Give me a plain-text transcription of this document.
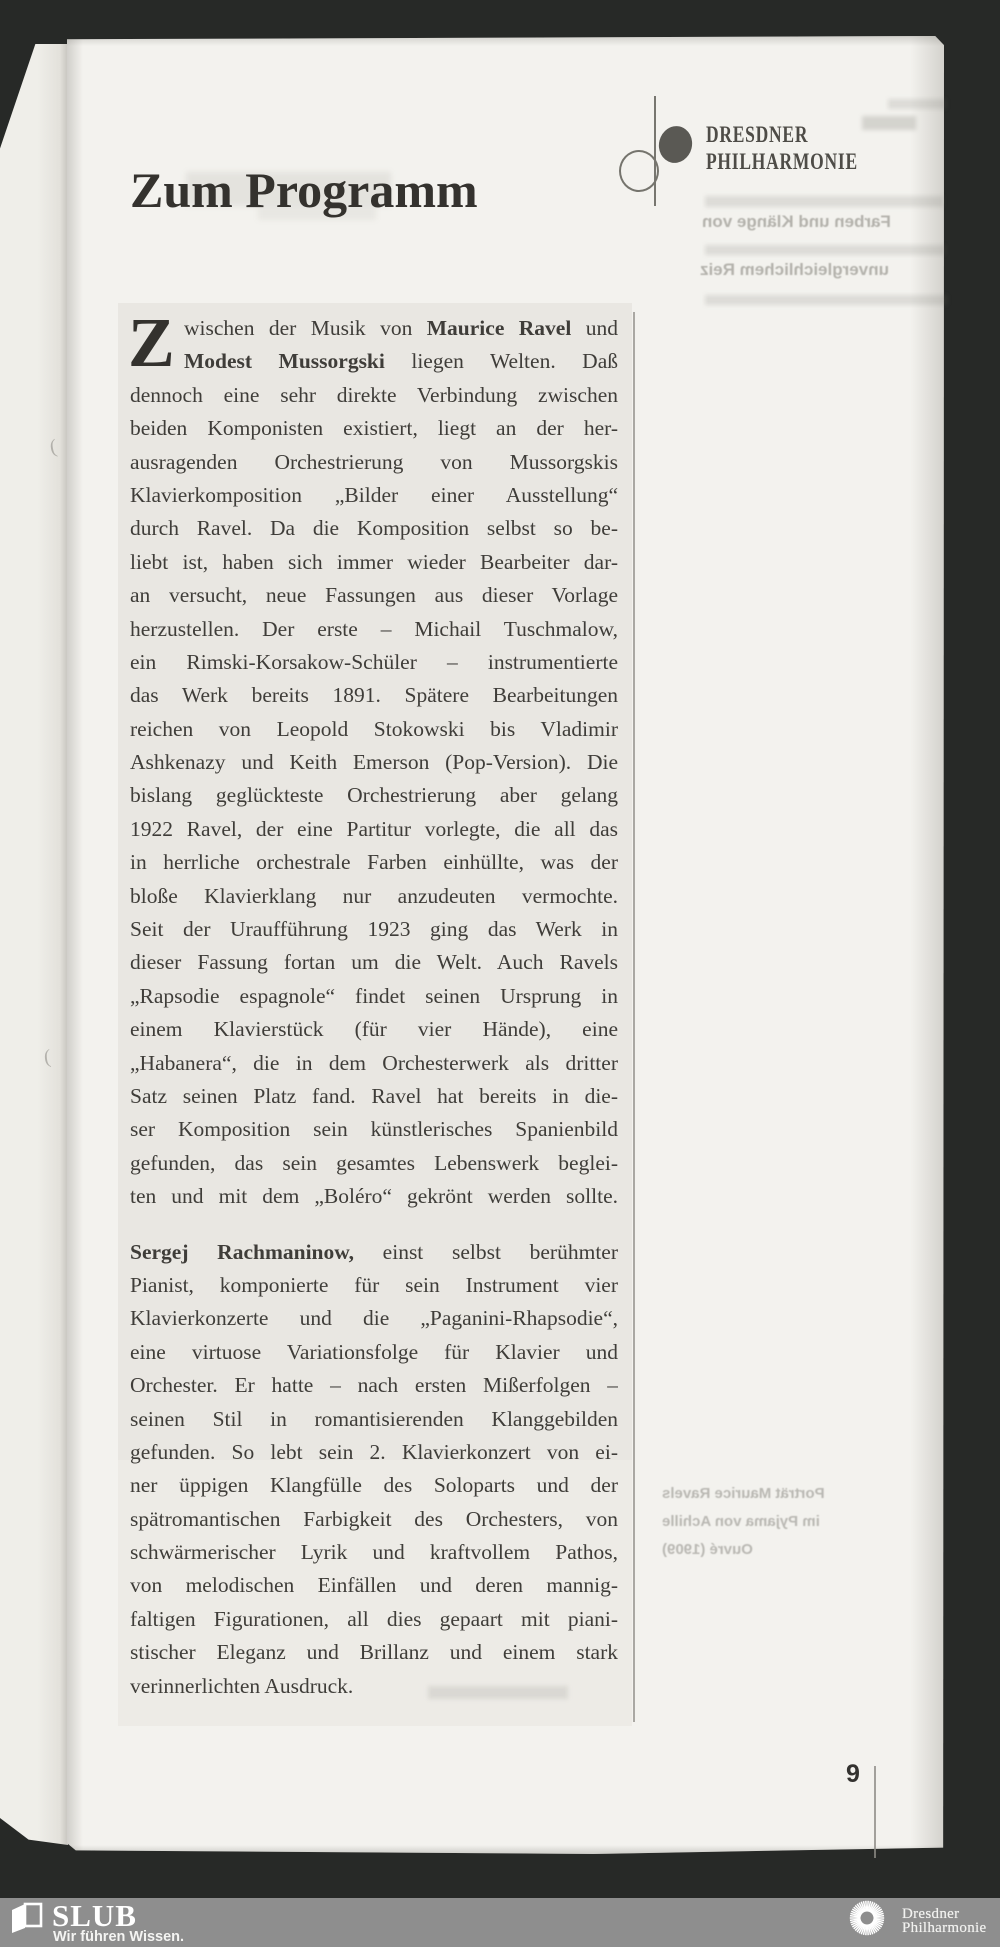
Zum Programm
DRESDNER
PHILHARMONIE
Farben und Klänge von
unvergleichlichem Reiz
Z wischen der Musik von Maurice Ravel und
Modest Mussorgski liegen Welten. Daß
dennoch eine sehr direkte Verbindung zwischen
beiden Komponisten existiert, liegt an der her-
ausragenden Orchestrierung von Mussorgskis
Klavierkomposition „Bilder einer Ausstellung“
durch Ravel. Da die Komposition selbst so be-
liebt ist, haben sich immer wieder Bearbeiter dar-
an versucht, neue Fassungen aus dieser Vorlage
herzustellen. Der erste – Michail Tuschmalow,
ein Rimski-Korsakow-Schüler – instrumentierte
das Werk bereits 1891. Spätere Bearbeitungen
reichen von Leopold Stokowski bis Vladimir
Ashkenazy und Keith Emerson (Pop-Version). Die
bislang geglückteste Orchestrierung aber gelang
1922 Ravel, der eine Partitur vorlegte, die all das
in herrliche orchestrale Farben einhüllte, was der
bloße Klavierklang nur anzudeuten vermochte.
Seit der Uraufführung 1923 ging das Werk in
dieser Fassung fortan um die Welt. Auch Ravels
„Rapsodie espagnole“ findet seinen Ursprung in
einem Klavierstück (für vier Hände), eine
„Habanera“, die in dem Orchesterwerk als dritter
Satz seinen Platz fand. Ravel hat bereits in die-
ser Komposition sein künstlerisches Spanienbild
gefunden, das sein gesamtes Lebenswerk beglei-
ten und mit dem „Boléro“ gekrönt werden sollte.
Sergej Rachmaninow, einst selbst berühmter
Pianist, komponierte für sein Instrument vier
Klavierkonzerte und die „Paganini-Rhapsodie“,
eine virtuose Variationsfolge für Klavier und
Orchester. Er hatte – nach ersten Mißerfolgen –
seinen Stil in romantisierenden Klanggebilden
gefunden. So lebt sein 2. Klavierkonzert von ei-
ner üppigen Klangfülle des Soloparts und der
spätromantischen Farbigkeit des Orchesters, von
schwärmerischer Lyrik und kraftvollem Pathos,
von melodischen Einfällen und deren mannig-
faltigen Figurationen, all dies gepaart mit piani-
stischer Eleganz und Brillanz und einem stark
verinnerlichten Ausdruck.
(
(
Porträt Maurice Ravels
im Pyjama von Achille
Ouvré (1909)
9
SLUB
Wir führen Wissen.
Dresdner
Philharmonie
